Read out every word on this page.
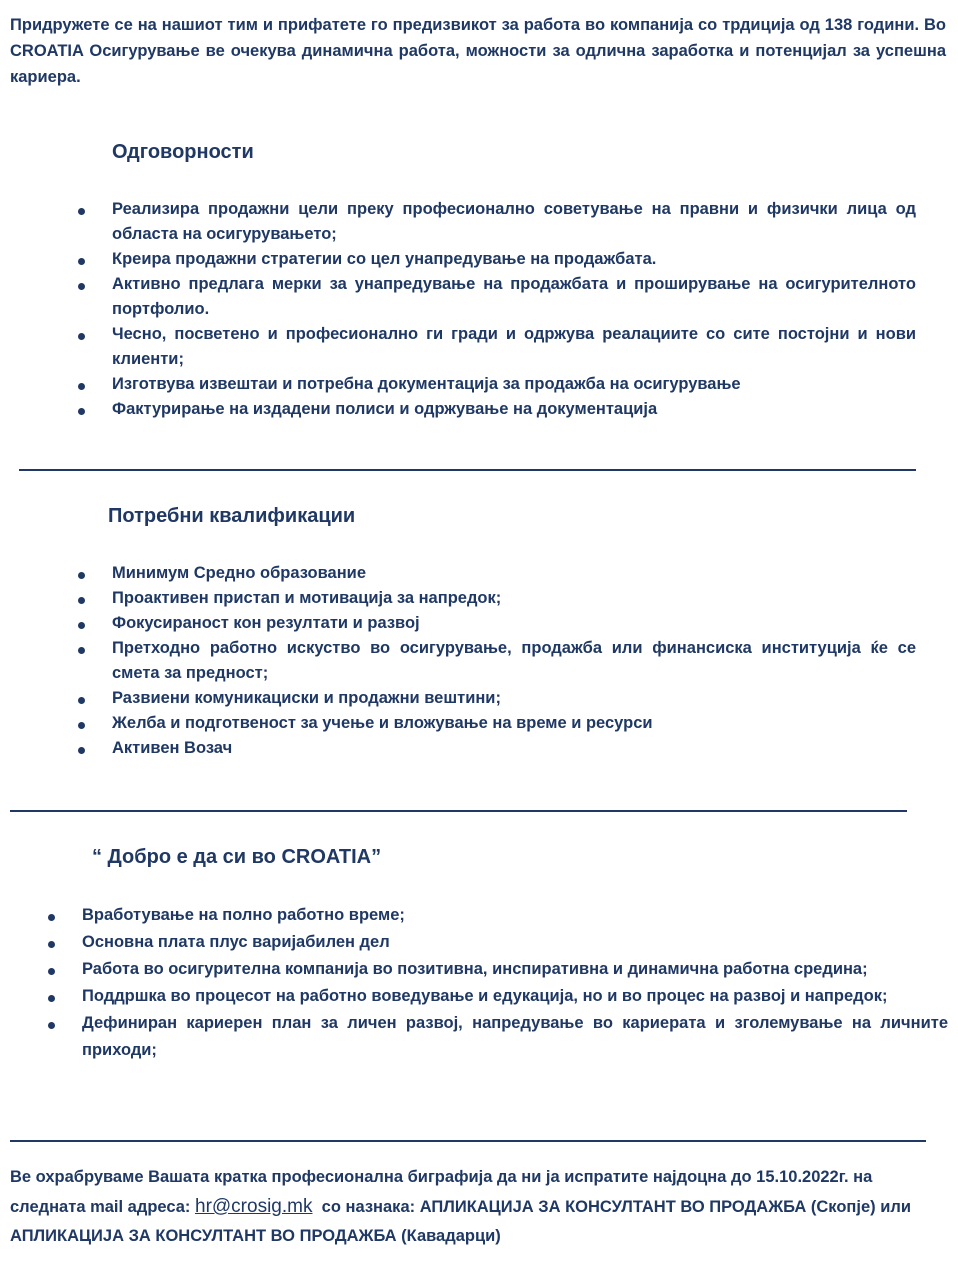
Придружете се на нашиот тим и прифатете го предизвикот за работа во компанија со трдиција од 138 години. Во CROATIA Осигурување ве очекува динамична работа, можности за одлична заработка и потенцијал за успешна кариера.

Одговорности
Реализира продажни цели преку професионално советување на правни и физички лица од областа на осигурувањето;
Креира продажни стратегии со цел унапредување на продажбата.
Активно предлага мерки за унапредување на продажбата и проширување на осигурителното портфолио.
Чесно, посветено и професионално ги гради и одржува реалациите со сите постојни и нови клиенти;
Изготвува извештаи и потребна документација за продажба на осигурување
Фактурирање на издадени полиси и одржување на документација
Потребни квалификации
Минимум Средно образование
Проактивен пристап и мотивација за напредок;
Фокусираност кон резултати и развој
Претходно работно искуство во осигурување, продажба или финансиска институција ќе се смета за предност;
Развиени комуникациски и продажни вештини;
Желба и подготвеност за учење и вложување на време и ресурси
Активен Возач
“ Добро е да си во CROATIA”
Вработување на полно работно време;
Основна плата плус варијабилен дел
Работа во осигурителна компанија во позитивна, инспиративна и динамична работна средина;
Поддршка во процесот на работно воведување и едукација, но и во процес на развој и напредок;
Дефиниран кариерен план за личен развој, напредување во кариерата и зголемување на личните приходи;

Ве охрабруваме Вашата кратка професионална биграфија да ни ја испратите најдоцна до 15.10.2022г. на следната mail адреса: hr@crosig.mk  со назнака: АПЛИКАЦИЈА ЗА КОНСУЛТАНТ ВО ПРОДАЖБА (Скопје) или АПЛИКАЦИЈА ЗА КОНСУЛТАНТ ВО ПРОДАЖБА (Кавадарци)
